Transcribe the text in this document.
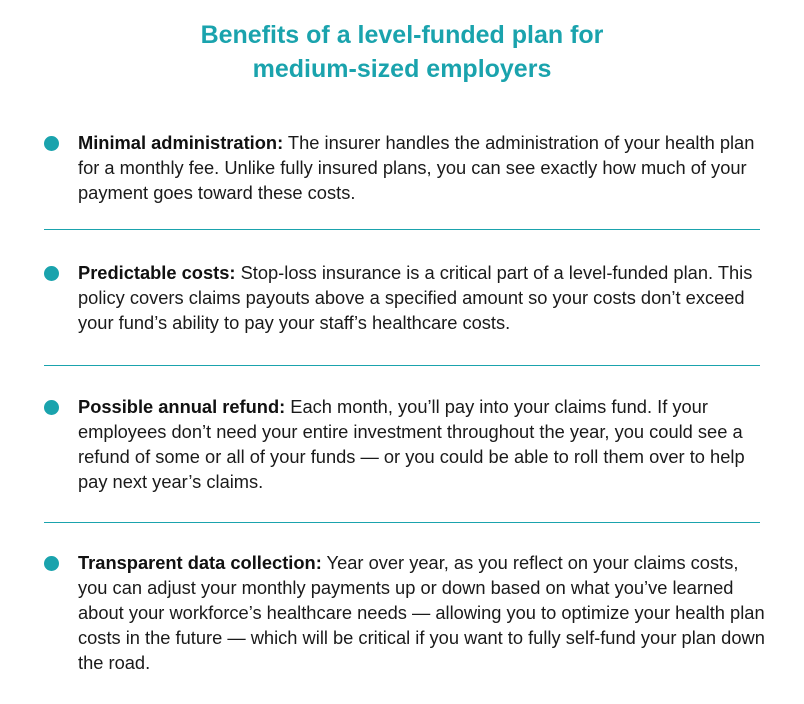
Benefits of a level-funded plan for
medium-sized employers
Minimal administration: The insurer handles the administration of your health plan for a monthly fee. Unlike fully insured plans, you can see exactly how much of your payment goes toward these costs.
Predictable costs: Stop-loss insurance is a critical part of a level-funded plan. This policy covers claims payouts above a specified amount so your costs don’t exceed your fund’s ability to pay your staff’s healthcare costs.
Possible annual refund: Each month, you’ll pay into your claims fund. If your employees don’t need your entire investment throughout the year, you could see a refund of some or all of your funds — or you could be able to roll them over to help pay next year’s claims.
Transparent data collection: Year over year, as you reflect on your claims costs, you can adjust your monthly payments up or down based on what you’ve learned about your workforce’s healthcare needs — allowing you to optimize your health plan costs in the future — which will be critical if you want to fully self-fund your plan down the road.
